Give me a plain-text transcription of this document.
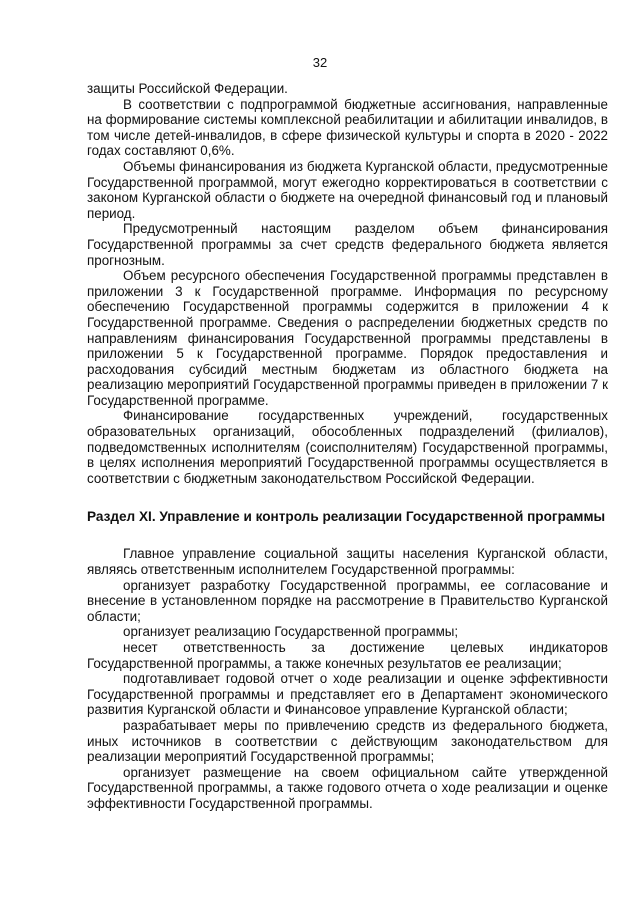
32

защиты Российской Федерации.

В соответствии с подпрограммой бюджетные ассигнования, направленные на формирование системы комплексной реабилитации и абилитации инвалидов, в том числе детей-инвалидов, в сфере физической культуры и спорта в 2020 - 2022 годах составляют 0,6%.

Объемы финансирования из бюджета Курганской области, предусмотренные Государственной программой, могут ежегодно корректироваться в соответствии с законом Курганской области о бюджете на очередной финансовый год и плановый период.

Предусмотренный настоящим разделом объем финансирования Государственной программы за счет средств федерального бюджета является прогнозным.

Объем ресурсного обеспечения Государственной программы представлен в приложении 3 к Государственной программе. Информация по ресурсному обеспечению Государственной программы содержится в приложении 4 к Государственной программе. Сведения о распределении бюджетных средств по направлениям финансирования Государственной программы представлены в приложении 5 к Государственной программе. Порядок предоставления и расходования субсидий местным бюджетам из областного бюджета на реализацию мероприятий Государственной программы приведен в приложении 7 к Государственной программе.

Финансирование государственных учреждений, государственных образовательных организаций, обособленных подразделений (филиалов), подведомственных исполнителям (соисполнителям) Государственной программы, в целях исполнения мероприятий Государственной программы осуществляется в соответствии с бюджетным законодательством Российской Федерации.

Раздел XI. Управление и контроль реализации Государственной программы

Главное управление социальной защиты населения Курганской области, являясь ответственным исполнителем Государственной программы:

организует разработку Государственной программы, ее согласование и внесение в установленном порядке на рассмотрение в Правительство Курганской области;

организует реализацию Государственной программы;

несет ответственность за достижение целевых индикаторов Государственной программы, а также конечных результатов ее реализации;

подготавливает годовой отчет о ходе реализации и оценке эффективности Государственной программы и представляет его в Департамент экономического развития Курганской области и Финансовое управление Курганской области;

разрабатывает меры по привлечению средств из федерального бюджета, иных источников в соответствии с действующим законодательством для реализации мероприятий Государственной программы;

организует размещение на своем официальном сайте утвержденной Государственной программы, а также годового отчета о ходе реализации и оценке эффективности Государственной программы.
